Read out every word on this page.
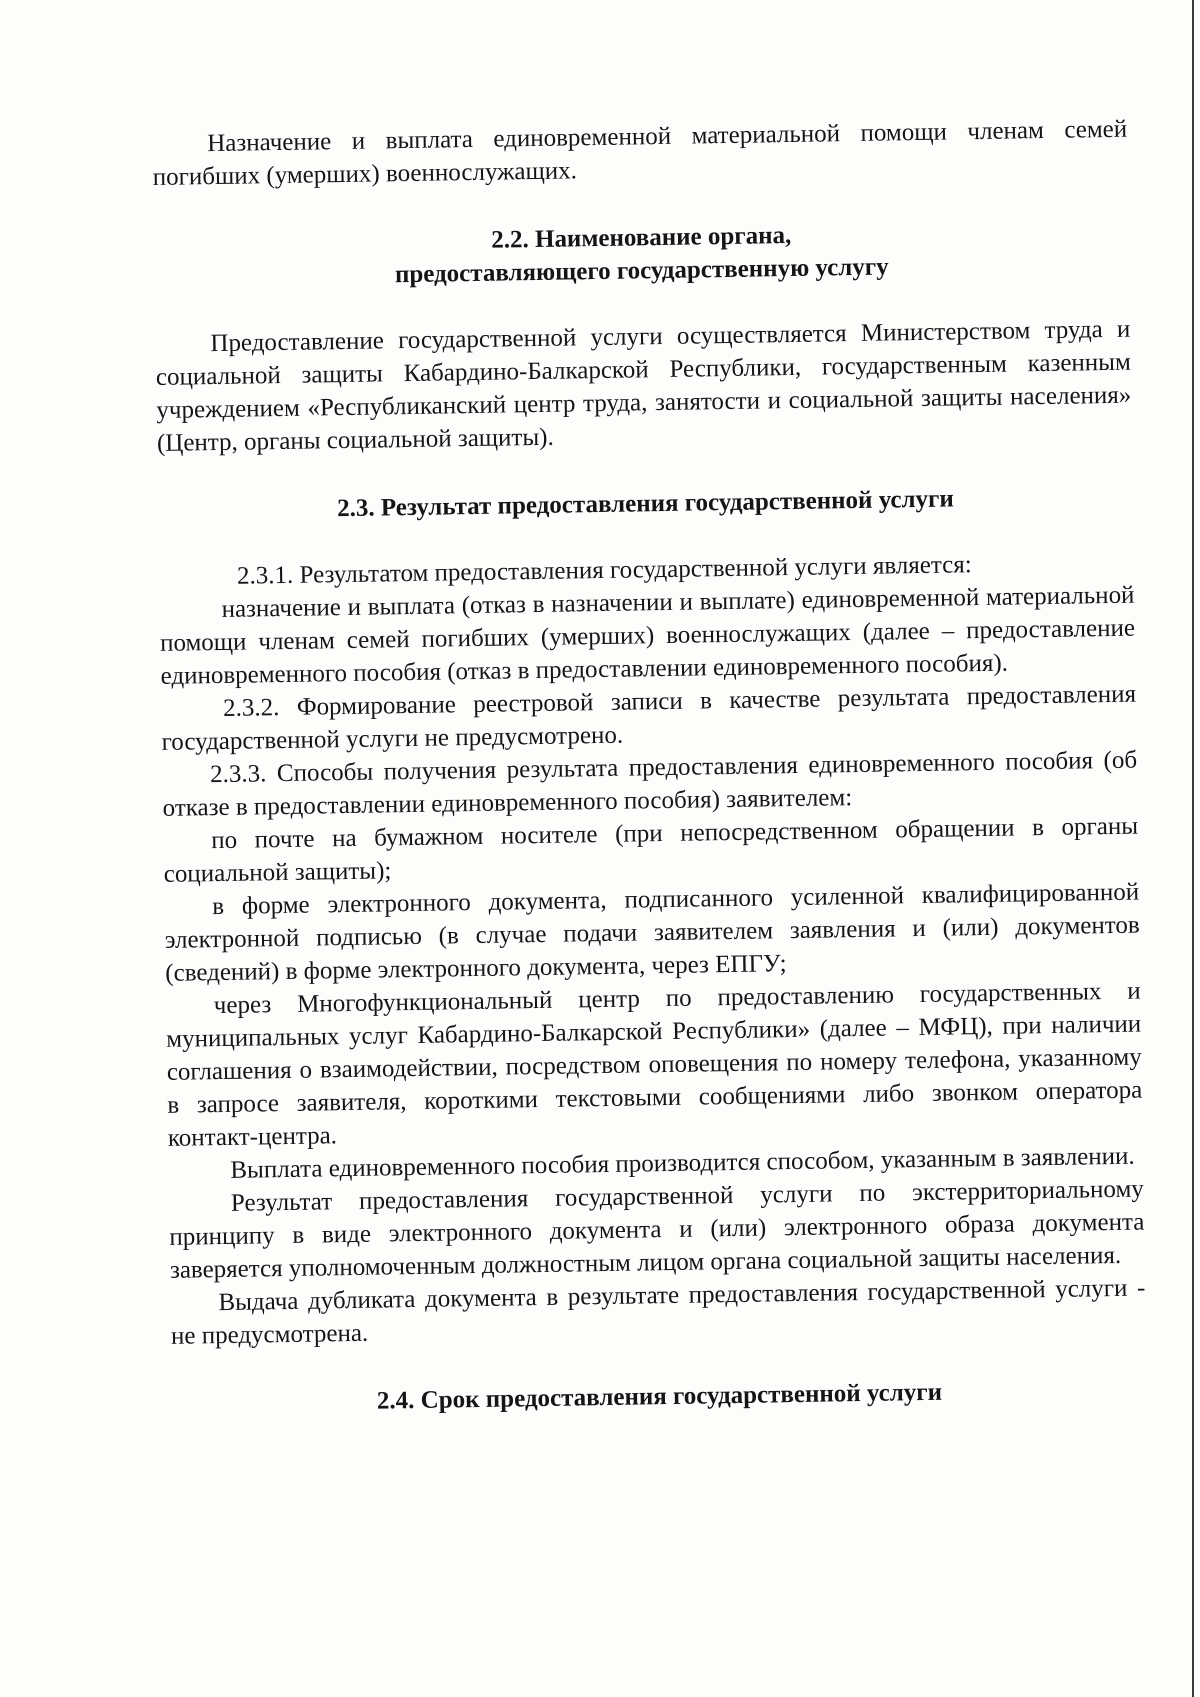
Назначение и выплата единовременной материальной помощи членам семей погибших (умерших) военнослужащих.

2.2. Наименование органа,

предоставляющего государственную услугу

Предоставление государственной услуги осуществляется Министерством труда и социальной защиты Кабардино-Балкарской Республики, государственным казенным учреждением «Республиканский центр труда, занятости и социальной защиты населения» (Центр, органы социальной защиты).

2.3. Результат предоставления государственной услуги

2.3.1. Результатом предоставления государственной услуги является:

назначение и выплата (отказ в назначении и выплате) единовременной материальной помощи членам семей погибших (умерших) военнослужащих (далее – предоставление единовременного пособия (отказ в предоставлении единовременного пособия).

2.3.2. Формирование реестровой записи в качестве результата предоставления государственной услуги не предусмотрено.

2.3.3. Способы получения результата предоставления единовременного пособия (об отказе в предоставлении единовременного пособия) заявителем:

по почте на бумажном носителе (при непосредственном обращении в органы социальной защиты);

в форме электронного документа, подписанного усиленной квалифицированной электронной подписью (в случае подачи заявителем заявления и (или) документов (сведений) в форме электронного документа, через ЕПГУ;

через Многофункциональный центр по предоставлению государственных и муниципальных услуг Кабардино-Балкарской Республики» (далее – МФЦ), при наличии соглашения о взаимодействии, посредством оповещения по номеру телефона, указанному в запросе заявителя, короткими текстовыми сообщениями либо звонком оператора контакт-центра.

Выплата единовременного пособия производится способом, указанным в заявлении.

Результат предоставления государственной услуги по экстерриториальному принципу в виде электронного документа и (или) электронного образа документа заверяется уполномоченным должностным лицом органа социальной защиты населения.

Выдача дубликата документа в результате предоставления государственной услуги - не предусмотрена.

2.4. Срок предоставления государственной услуги
